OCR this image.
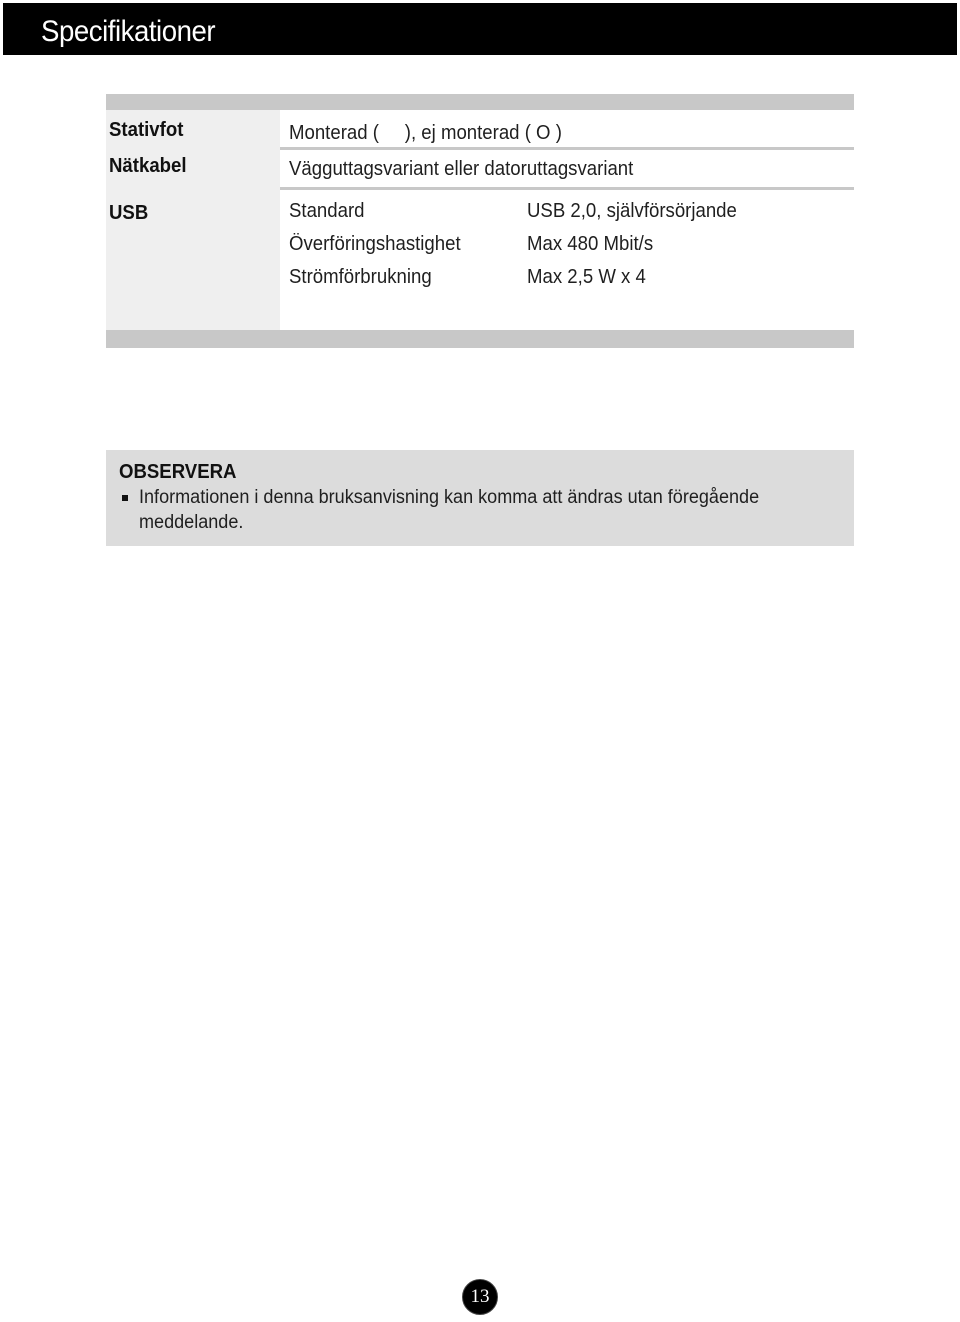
Specifikationer
Stativfot	Monterad (     ), ej monterad ( O )
Nätkabel	Vägguttagsvariant eller datoruttagsvariant
USB	Standard	USB 2,0, självförsörjande
Överföringshastighet	Max 480 Mbit/s
Strömförbrukning	Max 2,5 W x 4
OBSERVERA
Informationen i denna bruksanvisning kan komma att ändras utan föregående meddelande.
13
